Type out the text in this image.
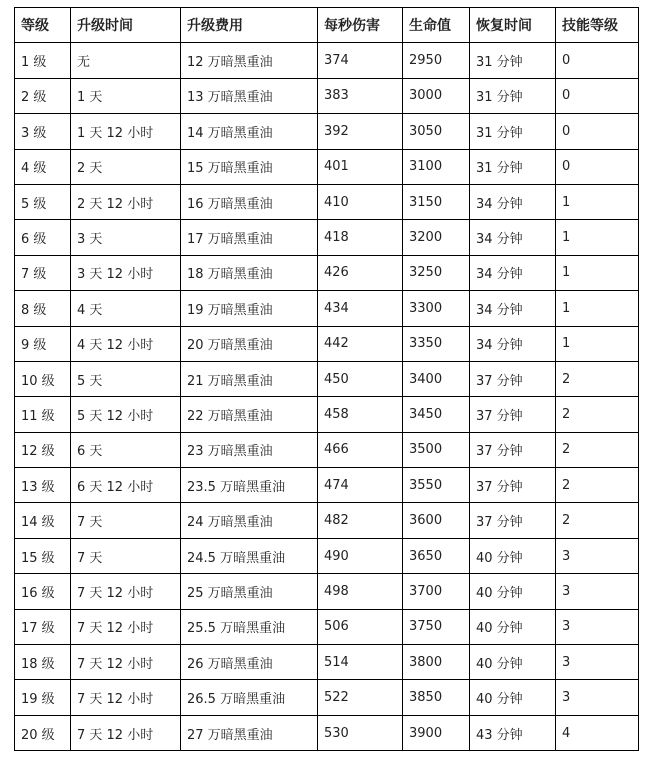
等级	升级时间	升级费用	每秒伤害	生命值	恢复时间	技能等级
1 级	无	12 万暗黑重油	374	2950	31 分钟	0
2 级	1 天	13 万暗黑重油	383	3000	31 分钟	0
3 级	1 天 12 小时	14 万暗黑重油	392	3050	31 分钟	0
4 级	2 天	15 万暗黑重油	401	3100	31 分钟	0
5 级	2 天 12 小时	16 万暗黑重油	410	3150	34 分钟	1
6 级	3 天	17 万暗黑重油	418	3200	34 分钟	1
7 级	3 天 12 小时	18 万暗黑重油	426	3250	34 分钟	1
8 级	4 天	19 万暗黑重油	434	3300	34 分钟	1
9 级	4 天 12 小时	20 万暗黑重油	442	3350	34 分钟	1
10 级	5 天	21 万暗黑重油	450	3400	37 分钟	2
11 级	5 天 12 小时	22 万暗黑重油	458	3450	37 分钟	2
12 级	6 天	23 万暗黑重油	466	3500	37 分钟	2
13 级	6 天 12 小时	23.5 万暗黑重油	474	3550	37 分钟	2
14 级	7 天	24 万暗黑重油	482	3600	37 分钟	2
15 级	7 天	24.5 万暗黑重油	490	3650	40 分钟	3
16 级	7 天 12 小时	25 万暗黑重油	498	3700	40 分钟	3
17 级	7 天 12 小时	25.5 万暗黑重油	506	3750	40 分钟	3
18 级	7 天 12 小时	26 万暗黑重油	514	3800	40 分钟	3
19 级	7 天 12 小时	26.5 万暗黑重油	522	3850	40 分钟	3
20 级	7 天 12 小时	27 万暗黑重油	530	3900	43 分钟	4
